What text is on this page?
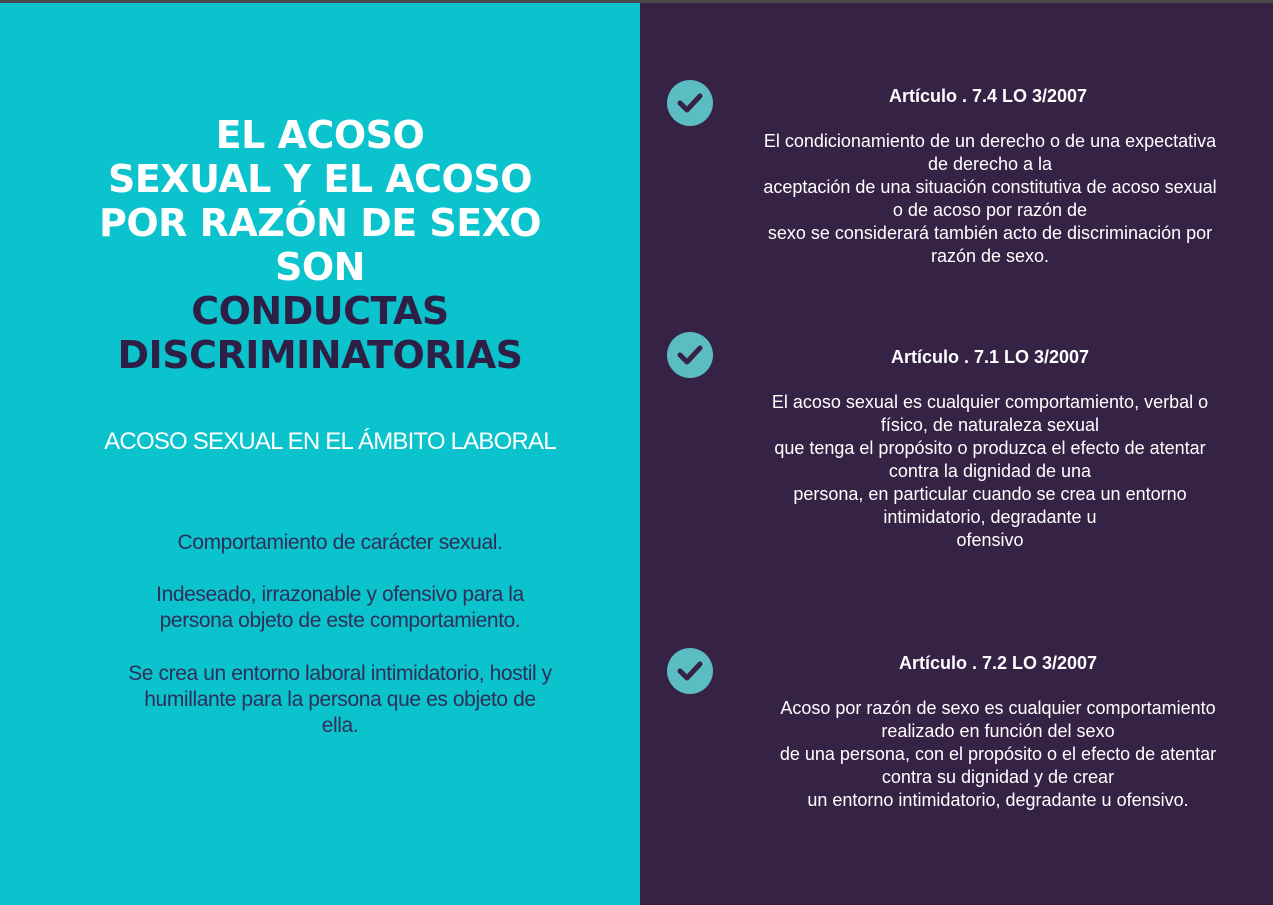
EL ACOSO
SEXUAL Y EL ACOSO
POR RAZÓN DE SEXO
SON
CONDUCTAS
DISCRIMINATORIAS
ACOSO SEXUAL EN EL ÁMBITO LABORAL
Comportamiento de carácter sexual.
Indeseado, irrazonable y ofensivo para la
persona objeto de este comportamiento.
Se crea un entorno laboral intimidatorio, hostil y
humillante para la persona que es objeto de
ella.
Artículo . 7.4 LO 3/2007
El condicionamiento de un derecho o de una expectativa
de derecho a la
aceptación de una situación constitutiva de acoso sexual
o de acoso por razón de
sexo se considerará también acto de discriminación por
razón de sexo.
Artículo . 7.1 LO 3/2007
El acoso sexual es cualquier comportamiento, verbal o
físico, de naturaleza sexual
que tenga el propósito o produzca el efecto de atentar
contra la dignidad de una
persona, en particular cuando se crea un entorno
intimidatorio, degradante u
ofensivo
Artículo . 7.2 LO 3/2007
Acoso por razón de sexo es cualquier comportamiento
realizado en función del sexo
de una persona, con el propósito o el efecto de atentar
contra su dignidad y de crear
un entorno intimidatorio, degradante u ofensivo.
